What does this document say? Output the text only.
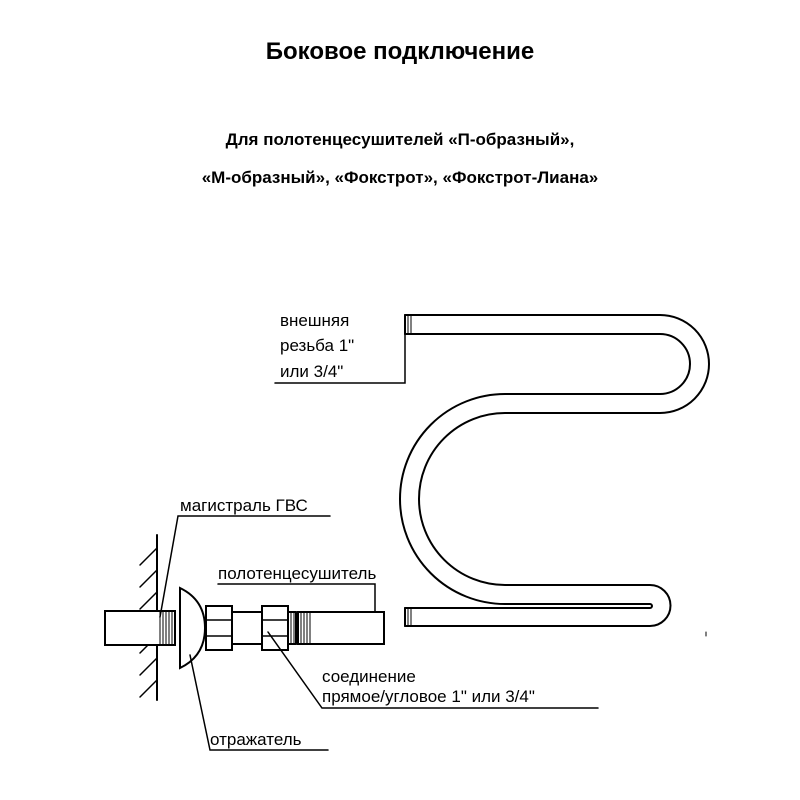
Боковое подключение
Для полотенцесушителей «П-образный»,
«М-образный», «Фокстрот», «Фокстрот-Лиана»
внешняя
резьба 1"
или 3/4"
магистраль ГВС
полотенцесушитель
соединение
прямое/угловое 1" или 3/4"
отражатель
